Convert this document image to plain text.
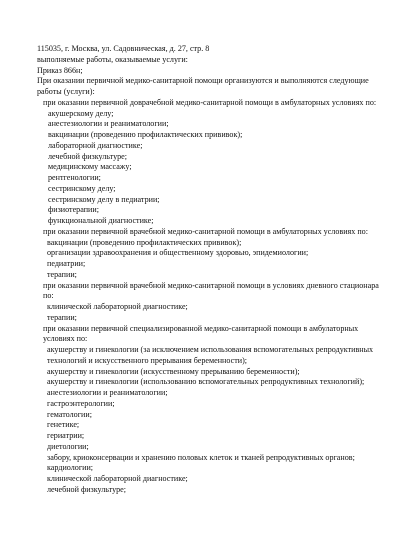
115035, г. Москва, ул. Садовническая, д. 27, стр. 8
выполняемые работы, оказываемые услуги:
Приказ 866н;
При оказании первичной медико-санитарной помощи организуются и выполняются следующие работы (услуги):
при оказании первичной доврачебной медико-санитарной помощи в амбулаторных условиях по:
акушерскому делу;
анестезиологии и реаниматологии;
вакцинации (проведению профилактических прививок);
лабораторной диагностике;
лечебной физкультуре;
медицинскому массажу;
рентгенологии;
сестринскому делу;
сестринскому делу в педиатрии;
физиотерапии;
функциональной диагностике;
при оказании первичной врачебной медико-санитарной помощи в амбулаторных условиях по:
вакцинации (проведению профилактических прививок);
организации здравоохранения и общественному здоровью, эпидемиологии;
педиатрии;
терапии;
при оказании первичной врачебной медико-санитарной помощи в условиях дневного стационара по:
клинической лабораторной диагностике;
терапии;
при оказании первичной специализированной медико-санитарной помощи в амбулаторных условиях по:
акушерству и гинекологии (за исключением использования вспомогательных репродуктивных технологий и искусственного прерывания беременности);
акушерству и гинекологии (искусственному прерыванию беременности);
акушерству и гинекологии (использованию вспомогательных репродуктивных технологий);
анестезиологии и реаниматологии;
гастроэнтерологии;
гематологии;
генетике;
гериатрии;
диетологии;
забору, криоконсервации и хранению половых клеток и тканей репродуктивных органов;
кардиологии;
клинической лабораторной диагностике;
лечебной физкультуре;
